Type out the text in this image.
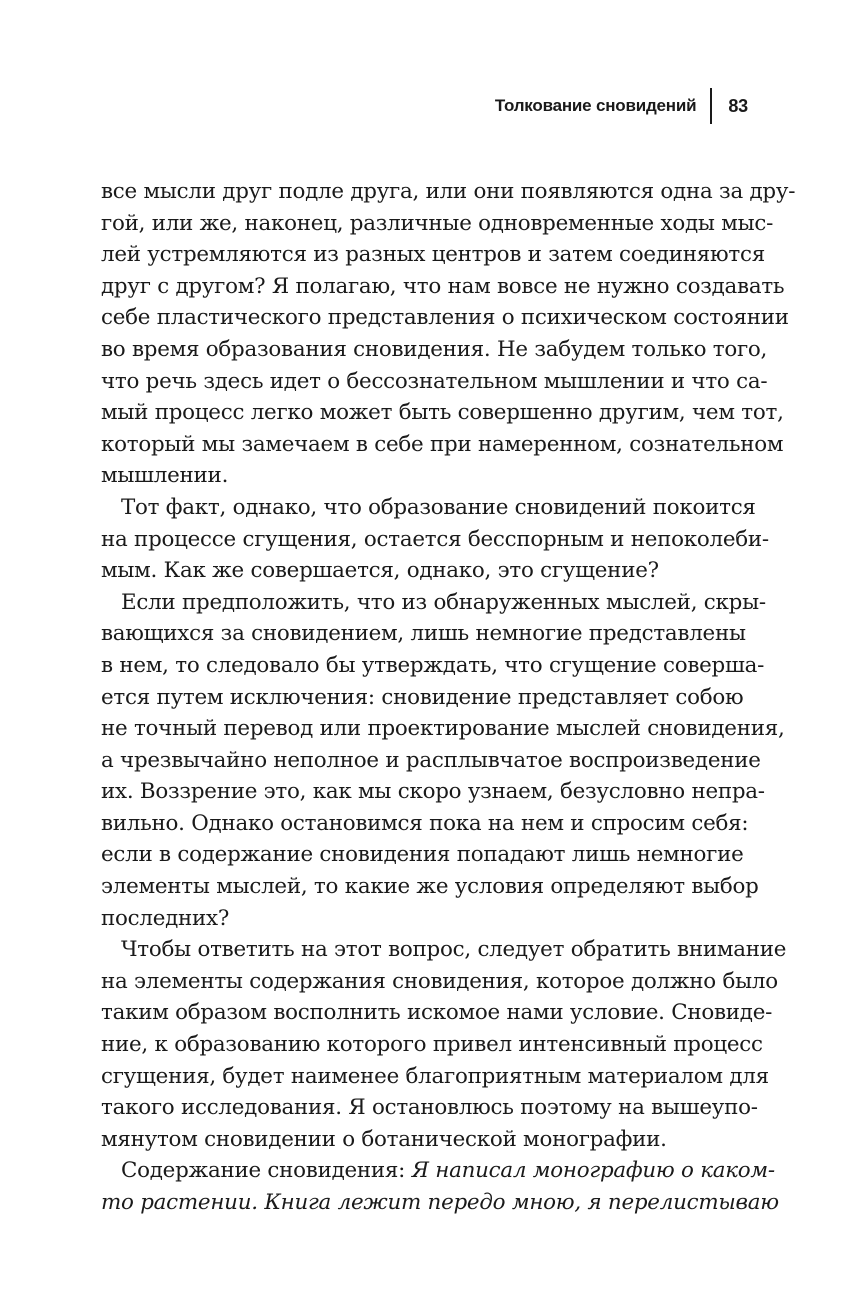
Толкование сновидений	83
все мысли друг подле друга, или они появляются одна за дру-
гой, или же, наконец, различные одновременные ходы мыс-
лей устремляются из разных центров и затем соединяются
друг с другом? Я полагаю, что нам вовсе не нужно создавать
себе пластического представления о психическом состоянии
во время образования сновидения. Не забудем только того,
что речь здесь идет о бессознательном мышлении и что са-
мый процесс легко может быть совершенно другим, чем тот,
который мы замечаем в себе при намеренном, сознательном
мышлении.
Тот факт, однако, что образование сновидений покоится
на процессе сгущения, остается бесспорным и непоколеби-
мым. Как же совершается, однако, это сгущение?
Если предположить, что из обнаруженных мыслей, скры-
вающихся за сновидением, лишь немногие представлены
в нем, то следовало бы утверждать, что сгущение соверша-
ется путем исключения: сновидение представляет собою
не точный перевод или проектирование мыслей сновидения,
а чрезвычайно неполное и расплывчатое воспроизведение
их. Воззрение это, как мы скоро узнаем, безусловно непра-
вильно. Однако остановимся пока на нем и спросим себя:
если в содержание сновидения попадают лишь немногие
элементы мыслей, то какие же условия определяют выбор
последних?
Чтобы ответить на этот вопрос, следует обратить внимание
на элементы содержания сновидения, которое должно было
таким образом восполнить искомое нами условие. Сновиде-
ние, к образованию которого привел интенсивный процесс
сгущения, будет наименее благоприятным материалом для
такого исследования. Я остановлюсь поэтому на вышеупо-
мянутом сновидении о ботанической монографии.
Содержание сновидения: Я написал монографию о каком-
то растении. Книга лежит передо мною, я перелистываю
